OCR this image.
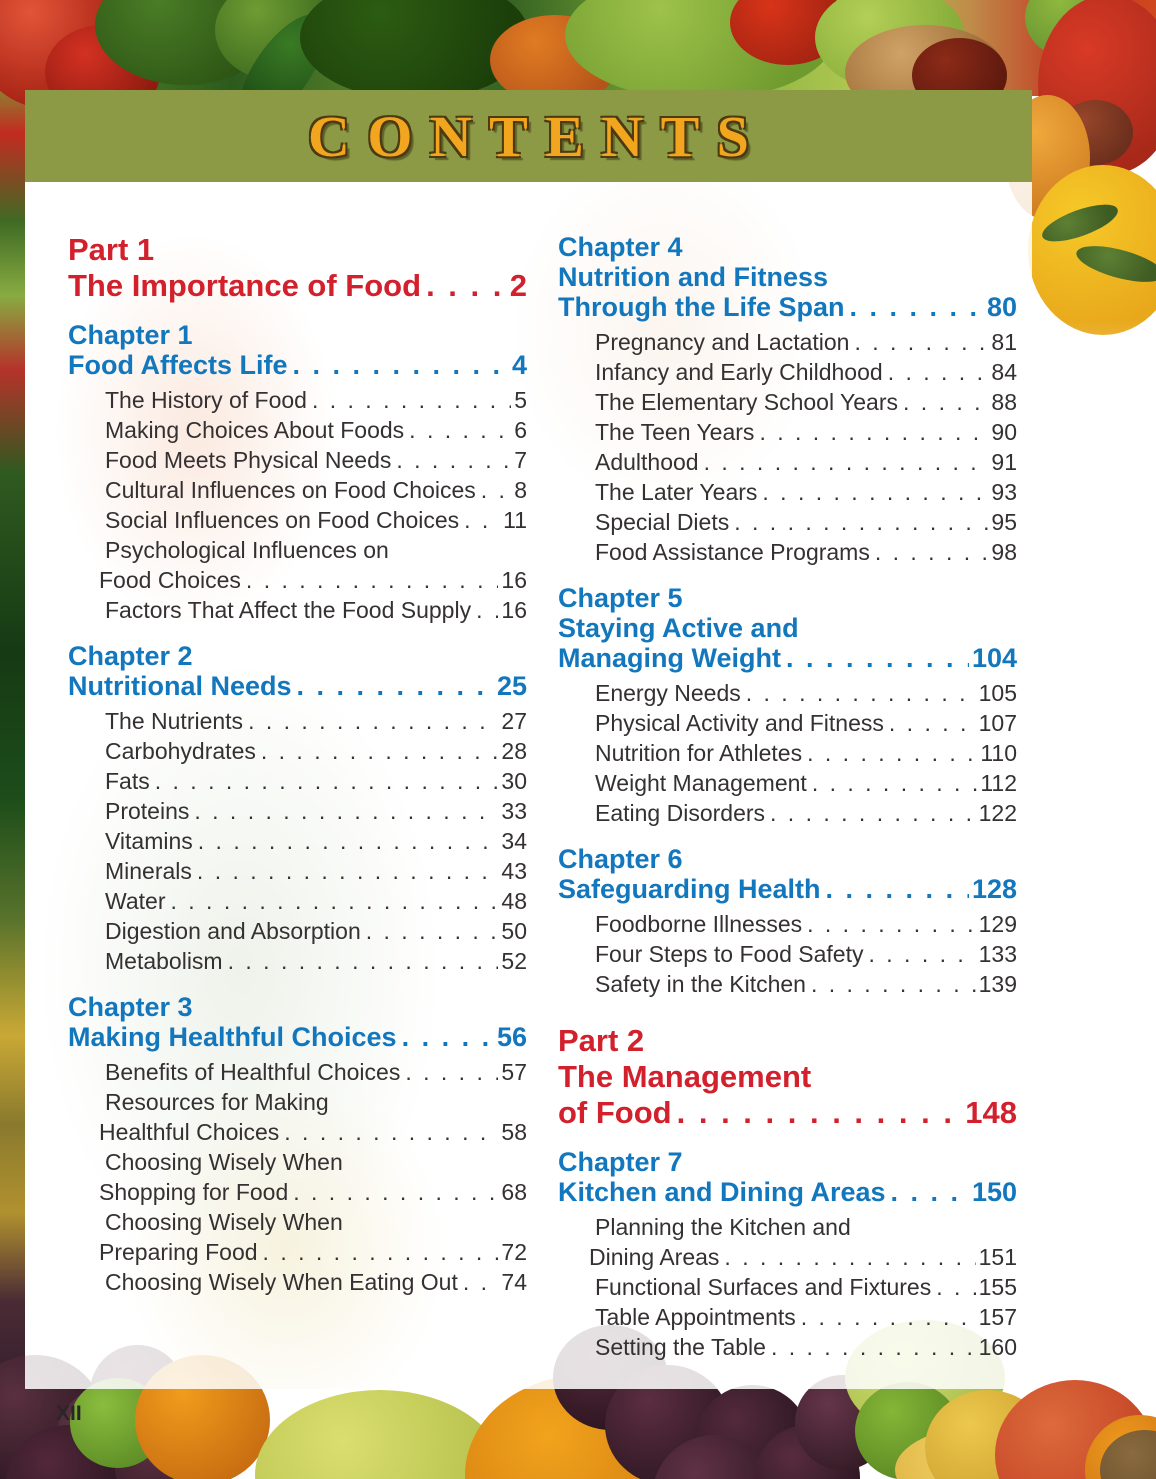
CONTENTS
Part 1
The Importance of Food . . .	2
Chapter 1
Food Affects Life . . .	4
The History of Food . . .	5
Making Choices About Foods . . .	6
Food Meets Physical Needs . . .	7
Cultural Influences on Food Choices . . . 8
Social Influences on Food Choices . . . 11
Psychological Influences on
Food Choices . . .	16
Factors That Affect the Food Supply . . . 16
Chapter 2
Nutritional Needs . . .	25
The Nutrients . . .	27
Carbohydrates . . .	28
Fats . . .	30
Proteins . . .	33
Vitamins . . .	34
Minerals . . .	43
Water . . .	48
Digestion and Absorption . . .	50
Metabolism . . .	52
Chapter 3
Making Healthful Choices . . .	56
Benefits of Healthful Choices . . .	57
Resources for Making
Healthful Choices . . .	58
Choosing Wisely When
Shopping for Food . . .	68
Choosing Wisely When
Preparing Food . . .	72
Choosing Wisely When Eating Out . . . 74
Chapter 4
Nutrition and Fitness
Through the Life Span . . .	80
Pregnancy and Lactation . . .	81
Infancy and Early Childhood . . .	84
The Elementary School Years . . .	88
The Teen Years . . .	90
Adulthood . . .	91
The Later Years . . .	93
Special Diets . . .	95
Food Assistance Programs . . .	98
Chapter 5
Staying Active and
Managing Weight . . .	104
Energy Needs . . .	105
Physical Activity and Fitness . . .	107
Nutrition for Athletes . . .	110
Weight Management . . .	112
Eating Disorders . . .	122
Chapter 6
Safeguarding Health . . .	128
Foodborne Illnesses . . .	129
Four Steps to Food Safety . . .	133
Safety in the Kitchen . . .	139
Part 2
The Management
of Food . . .	148
Chapter 7
Kitchen and Dining Areas . . .	150
Planning the Kitchen and
Dining Areas . . .	151
Functional Surfaces and Fixtures . . . 155
Table Appointments . . .	157
Setting the Table . . .	160
XII
